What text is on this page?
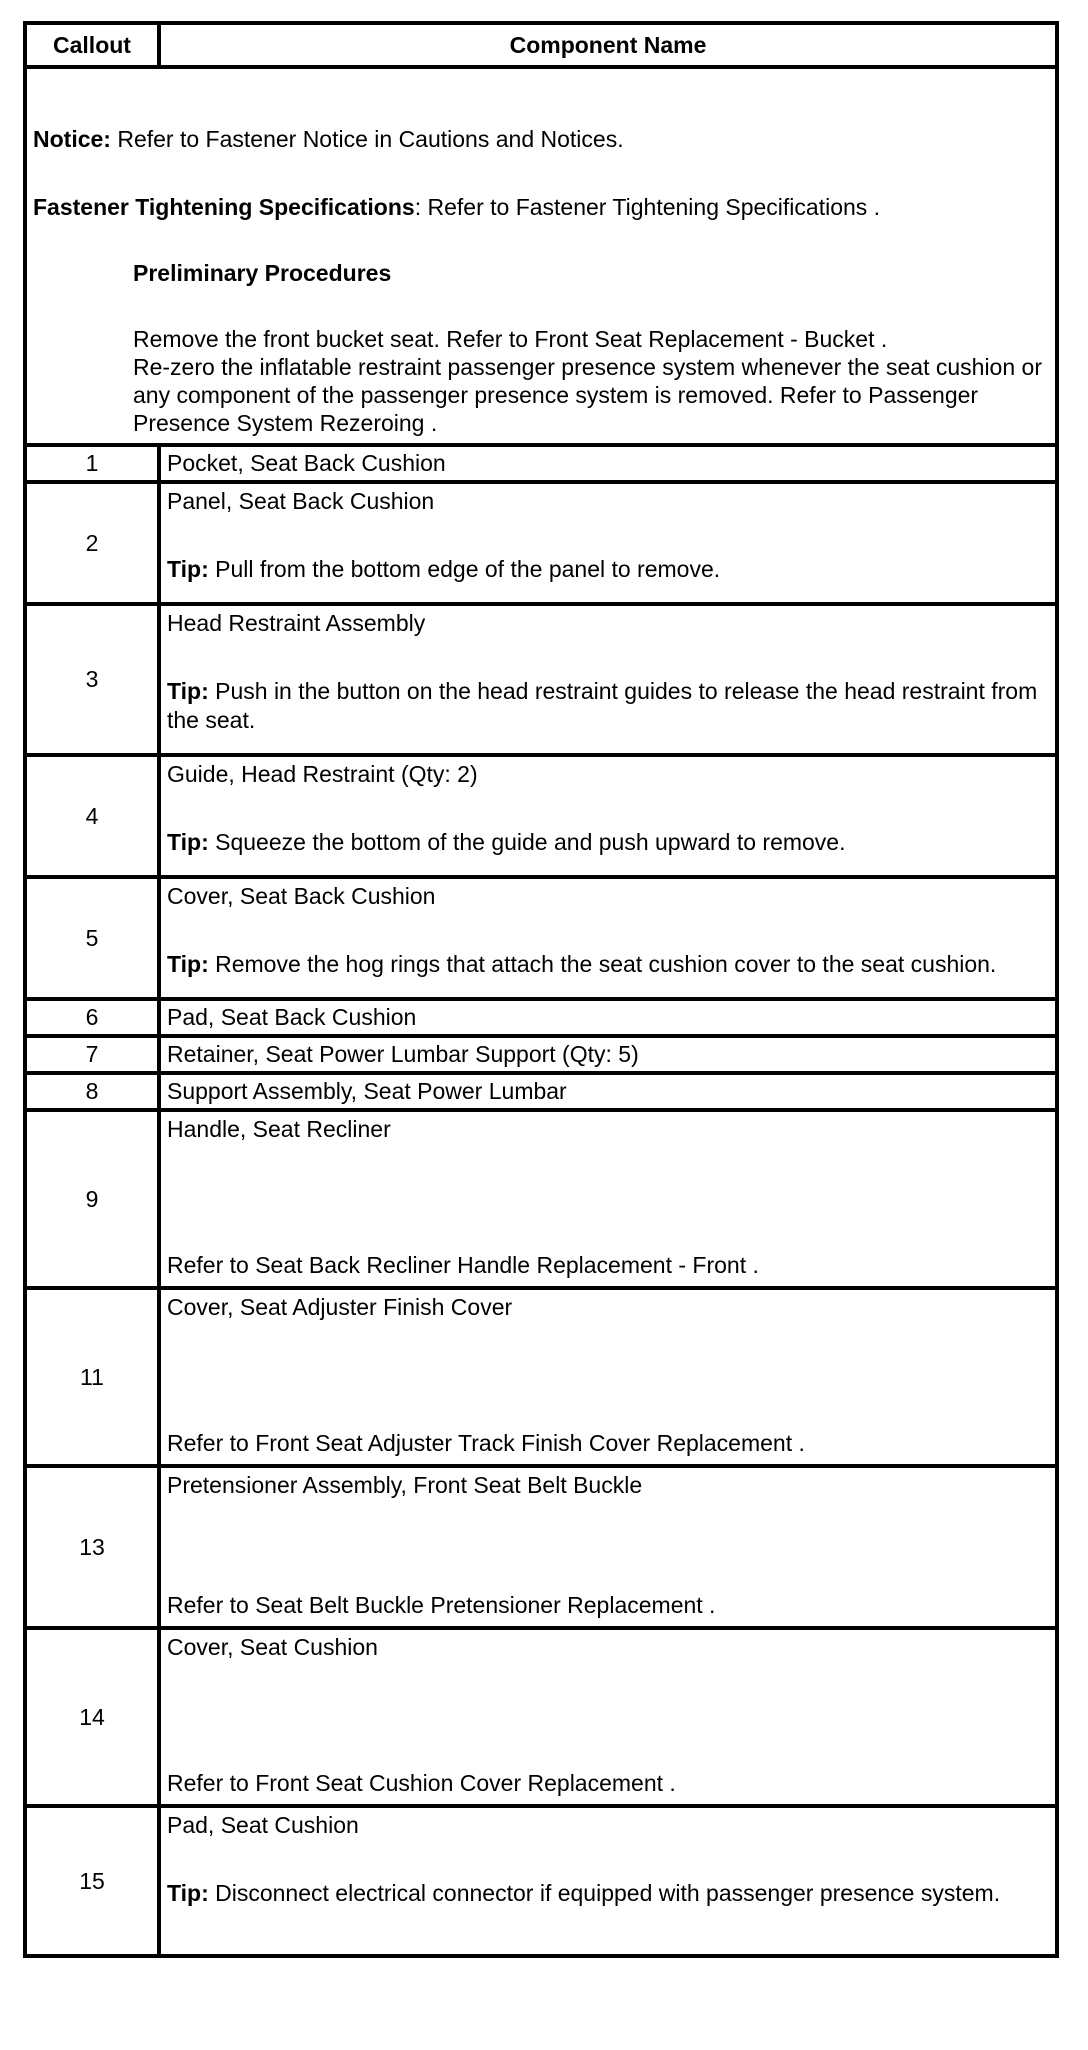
Callout	Component Name

Notice: Refer to Fastener Notice in Cautions and Notices.

Fastener Tightening Specifications: Refer to Fastener Tightening Specifications .

Preliminary Procedures

Remove the front bucket seat. Refer to Front Seat Replacement - Bucket .

Re-zero the inflatable restraint passenger presence system whenever the seat cushion or any component of the passenger presence system is removed. Refer to Passenger Presence System Rezeroing .	

1	Pocket, Seat Back Cushion
2	Panel, Seat Back Cushion

Tip: Pull from the bottom edge of the panel to remove.

3	Head Restraint Assembly

Tip: Push in the button on the head restraint guides to release the head restraint from the seat.

4	Guide, Head Restraint (Qty: 2)

Tip: Squeeze the bottom of the guide and push upward to remove.

5	Cover, Seat Back Cushion

Tip: Remove the hog rings that attach the seat cushion cover to the seat cushion.

6	Pad, Seat Back Cushion
7	Retainer, Seat Power Lumbar Support (Qty: 5)
8	Support Assembly, Seat Power Lumbar
9	Handle, Seat Recliner

Refer to Seat Back Recliner Handle Replacement - Front .

11	Cover, Seat Adjuster Finish Cover

Refer to Front Seat Adjuster Track Finish Cover Replacement .

13	Pretensioner Assembly, Front Seat Belt Buckle

Refer to Seat Belt Buckle Pretensioner Replacement .

14	Cover, Seat Cushion

Refer to Front Seat Cushion Cover Replacement .

15	Pad, Seat Cushion

Tip: Disconnect electrical connector if equipped with passenger presence system.
